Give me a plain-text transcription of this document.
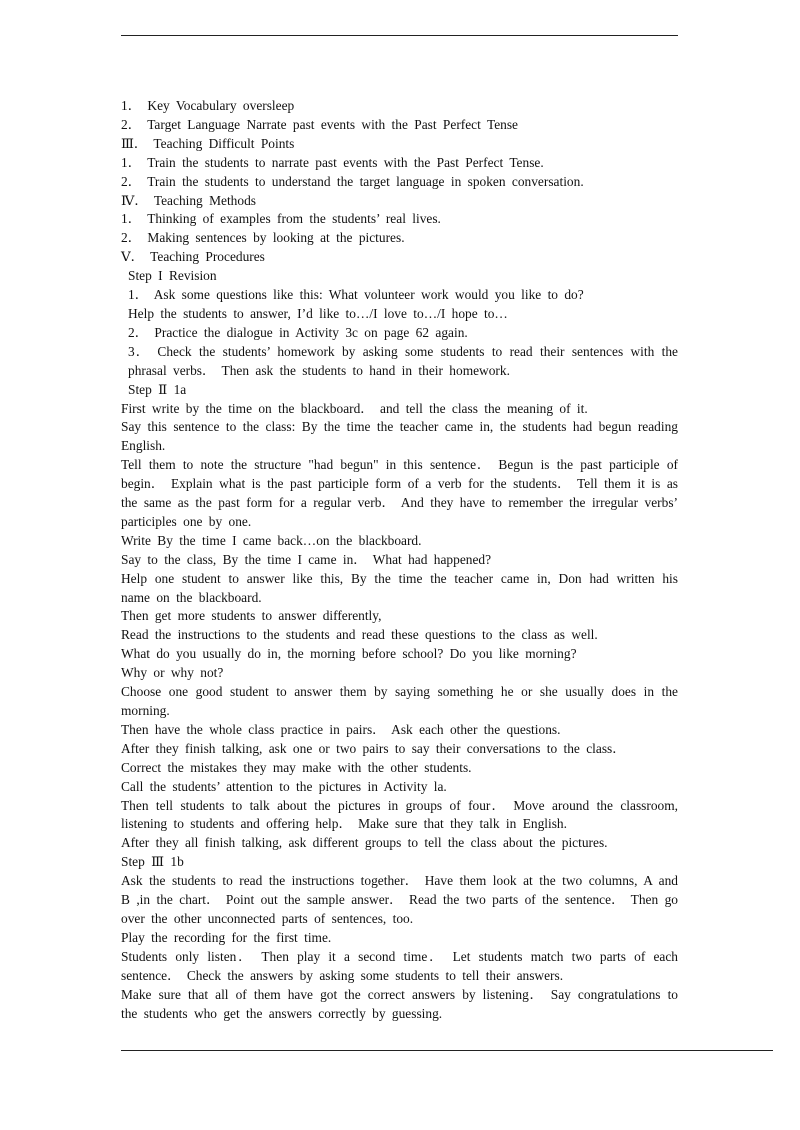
1． Key Vocabulary oversleep

2． Target Language Narrate past events with the Past Perfect Tense

Ⅲ． Teaching Difficult Points

1． Train the students to narrate past events with the Past Perfect Tense.

2． Train the students to understand the target language in spoken conversation.

Ⅳ． Teaching Methods

1． Thinking of examples from the students’ real lives.

2． Making sentences by looking at the pictures.

Ⅴ． Teaching Procedures

Step I Revision

1． Ask some questions like this: What volunteer work would you like to do?

Help the students to answer, I’d like to…/I love to…/I hope to…

2． Practice the dialogue in Activity 3c on page 62 again.

3． Check the students’ homework by asking some students to read their sentences with the phrasal verbs． Then ask the students to hand in their homework.

Step Ⅱ 1a

First write by the time on the blackboard． and tell the class the meaning of it.

Say this sentence to the class: By the time the teacher came in, the students had begun reading English.

Tell them to note the structure "had begun" in this sentence． Begun is the past participle of begin． Explain what is the past participle form of a verb for the students． Tell them it is as the same as the past form for a regular verb． And they have to remember the irregular verbs’ participles one by one.

Write By the time I came back…on the blackboard.

Say to the class, By the time I came in． What had happened?

Help one student to answer like this, By the time the teacher came in, Don had written his name on the blackboard.

Then get more students to answer differently,

Read the instructions to the students and read these questions to the class as well.

What do you usually do in, the morning before school? Do you like morning?

Why or why not?

Choose one good student to answer them by saying something he or she usually does in the morning.

Then have the whole class practice in pairs． Ask each other the questions.

After they finish talking, ask one or two pairs to say their conversations to the class．

Correct the mistakes they may make with the other students.

Call the students’ attention to the pictures in Activity la.

Then tell students to talk about the pictures in groups of four． Move around the classroom, listening to students and offering help． Make sure that they talk in English.

After they all finish talking, ask different groups to tell the class about the pictures.

Step Ⅲ 1b

Ask the students to read the instructions together． Have them look at the two columns, A and B ,in the chart． Point out the sample answer． Read the two parts of the sentence． Then go over the other unconnected parts of sentences, too.

Play the recording for the first time.

Students only listen． Then play it a second time． Let students match two parts of each sentence． Check the answers by asking some students to tell their answers.

Make sure that all of them have got the correct answers by listening． Say congratulations to the students who get the answers correctly by guessing.
